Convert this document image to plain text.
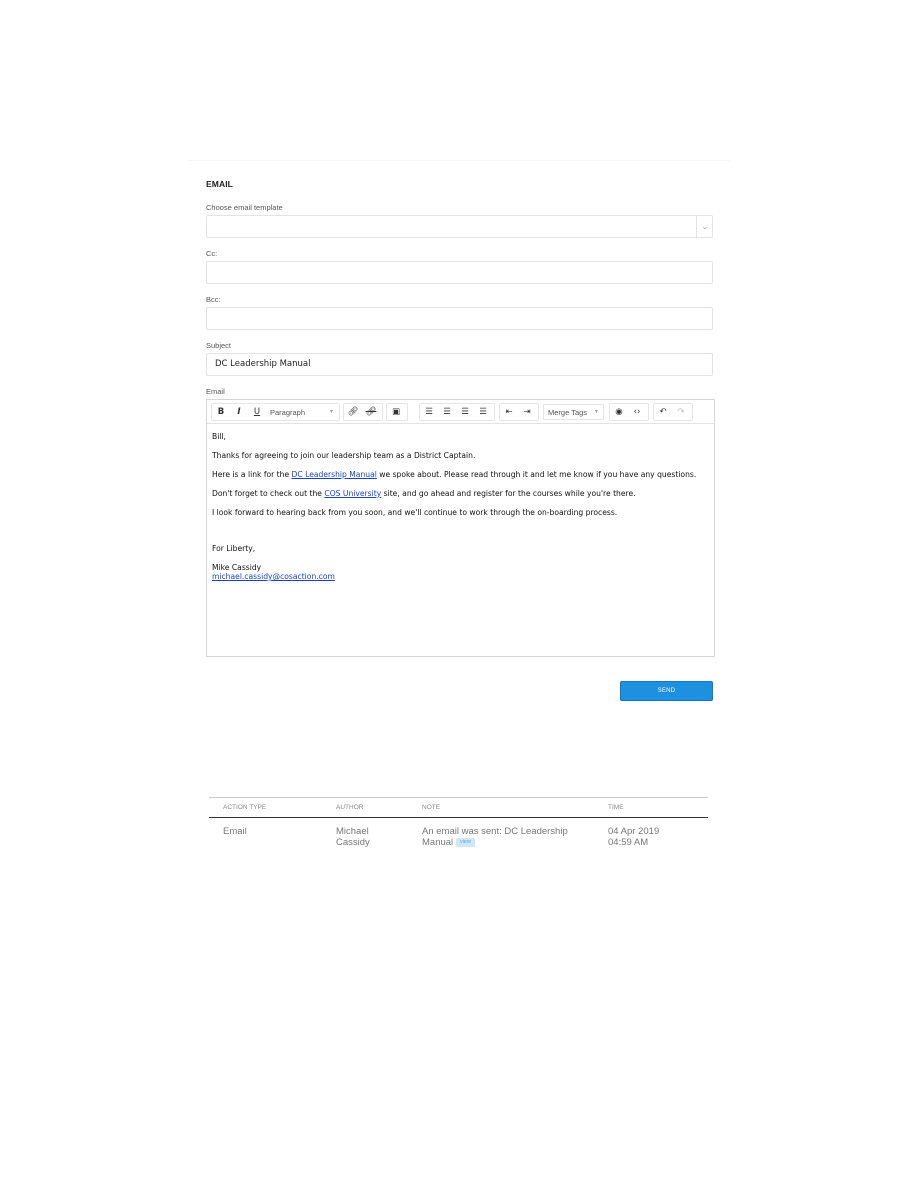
EMAIL
Choose email template
⌄
Cc:
Bcc:
Subject
DC Leadership Manual
Email
B	I	U	Paragraph	▼ 🔗︎ 🔗︎ ▣	☰ ☰ ☰ ☰ ⇤ ⇥ Merge Tags ▼ ◉ ‹› ↶ ↷

Bill,

Thanks for agreeing to join our leadership team as a District Captain.

Here is a link for the DC Leadership Manual we spoke about. Please read through it and let me know if you have any questions.

Don't forget to check out the COS University site, and go ahead and register for the courses while you're there.

I look forward to hearing back from you soon, and we'll continue to work through the on-boarding process.

For Liberty,

Mike Cassidy
michael.cassidy@cosaction.com
SEND
ACTION TYPE	AUTHOR	NOTE	TIME
Email	Michael Cassidy
An email was sent: DC Leadership Manual view
04 Apr 2019
04:59 AM
